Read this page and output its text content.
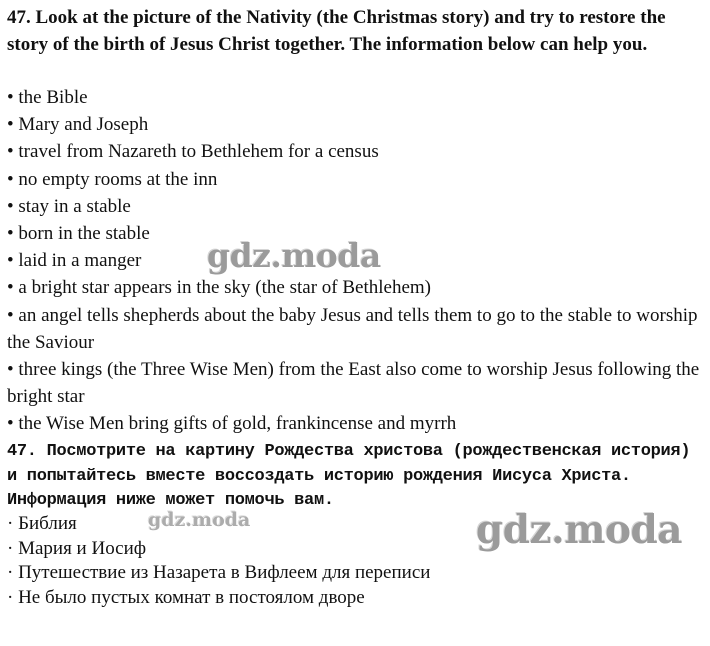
47. Look at the picture of the Nativity (the Christmas story) and try to restore the story of the birth of Jesus Christ together. The information below can help you.
• the Bible
• Mary and Joseph
• travel from Nazareth to Bethlehem for a census
• no empty rooms at the inn
• stay in a stable
• born in the stable
• laid in a manger
• a bright star appears in the sky (the star of Bethlehem)
• an angel tells shepherds about the baby Jesus and tells them to go to the stable to worship the Saviour
• three kings (the Three Wise Men) from the East also come to worship Jesus following the bright star
• the Wise Men bring gifts of gold, frankincense and myrrh
47. Посмотрите на картину Рождества христова (рождественская история) и попытайтесь вместе воссоздать историю рождения Иисуса Христа. Информация ниже может помочь вам.
· Библия
· Мария и Иосиф
· Путешествие из Назарета в Вифлеем для переписи
· Не было пустых комнат в постоялом дворе
gdz.moda
gdz.moda	gdz.moda
